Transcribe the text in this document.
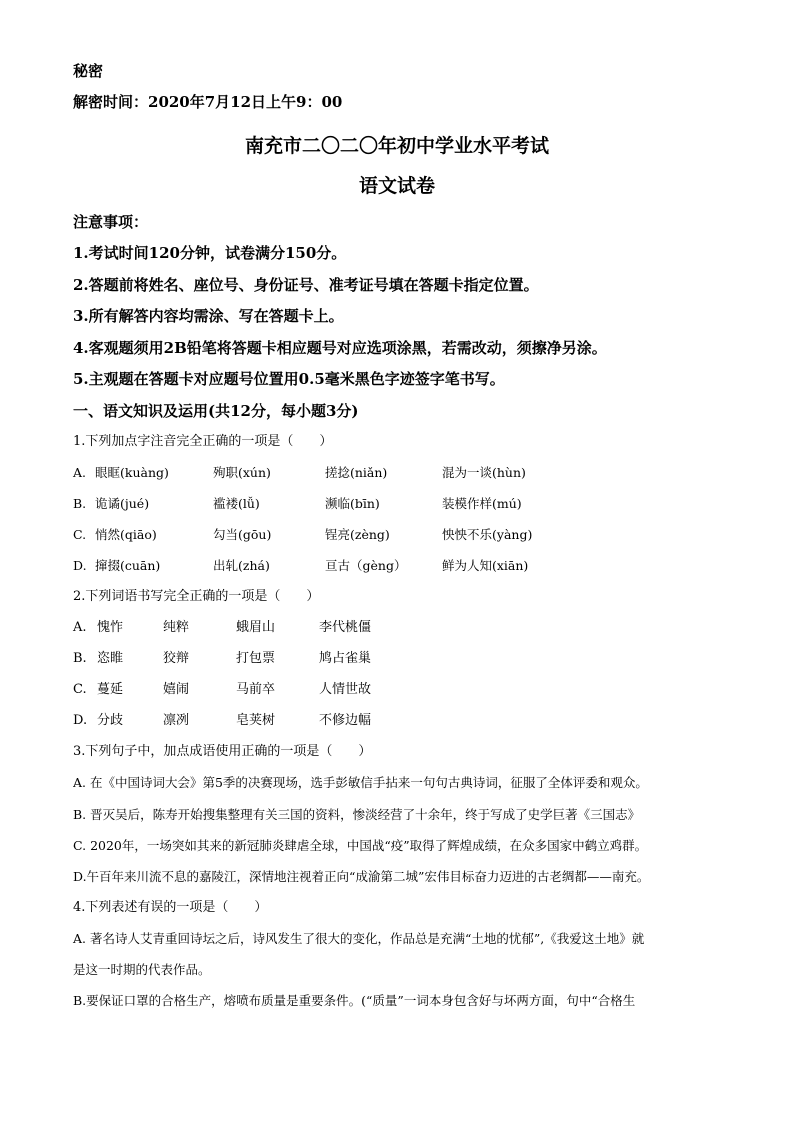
秘密
解密时间：2020年7月12日上午9：00
南充市二〇二〇年初中学业水平考试
语文试卷
注意事项：
1.考试时间120分钟，试卷满分150分。
2.答题前将姓名、座位号、身份证号、准考证号填在答题卡指定位置。
3.所有解答内容均需涂、写在答题卡上。
4.客观题须用2B铅笔将答题卡相应题号对应选项涂黑，若需改动，须擦净另涂。
5.主观题在答题卡对应题号位置用0.5毫米黑色字迹签字笔书写。
一、语文知识及运用(共12分，每小题3分)
1.下列加点字注音完全正确的一项是（　　）
A. 眼眶(kuàng)	殉职(xún)	搓捻(niǎn)	混为一谈(hùn)
B. 诡谲(jué)	褴褛(lǚ)	濒临(bīn)	装模作样(mú)
C. 悄然(qiāo)	勾当(gōu)	锃亮(zèng)	怏怏不乐(yàng)
D. 撺掇(cuān)	出轧(zhá)	亘古（gèng）	鲜为人知(xiān)
2.下列词语书写完全正确的一项是（　　）
A. 愧怍	纯粹	蛾眉山	李代桃僵
B. 恣睢	狡辩	打包票	鸠占雀巢
C. 蔓延	嬉闹	马前卒	人情世故
D. 分歧	凛冽	皂荚树	不修边幅
3.下列句子中，加点成语使用正确的一项是（　　）
A. 在《中国诗词大会》第5季的决赛现场，选手彭敏信手拈来一句句古典诗词，征服了全体评委和观众。
B. 晋灭吴后，陈寿开始搜集整理有关三国的资料，惨淡经营了十余年，终于写成了史学巨著《三国志》
C. 2020年，一场突如其来的新冠肺炎肆虐全球，中国战“疫”取得了辉煌成绩，在众多国家中鹤立鸡群。
D.午百年来川流不息的嘉陵江，深情地注视着正向“成渝第二城”宏伟目标奋力迈进的古老绸都——南充。
4.下列表述有误的一项是（　　）
A. 著名诗人艾青重回诗坛之后，诗风发生了很大的变化，作品总是充满“土地的忧郁”,《我爱这土地》就
是这一时期的代表作品。
B.要保证口罩的合格生产，熔喷布质量是重要条件。(“质量”一词本身包含好与坏两方面，句中“合格生
